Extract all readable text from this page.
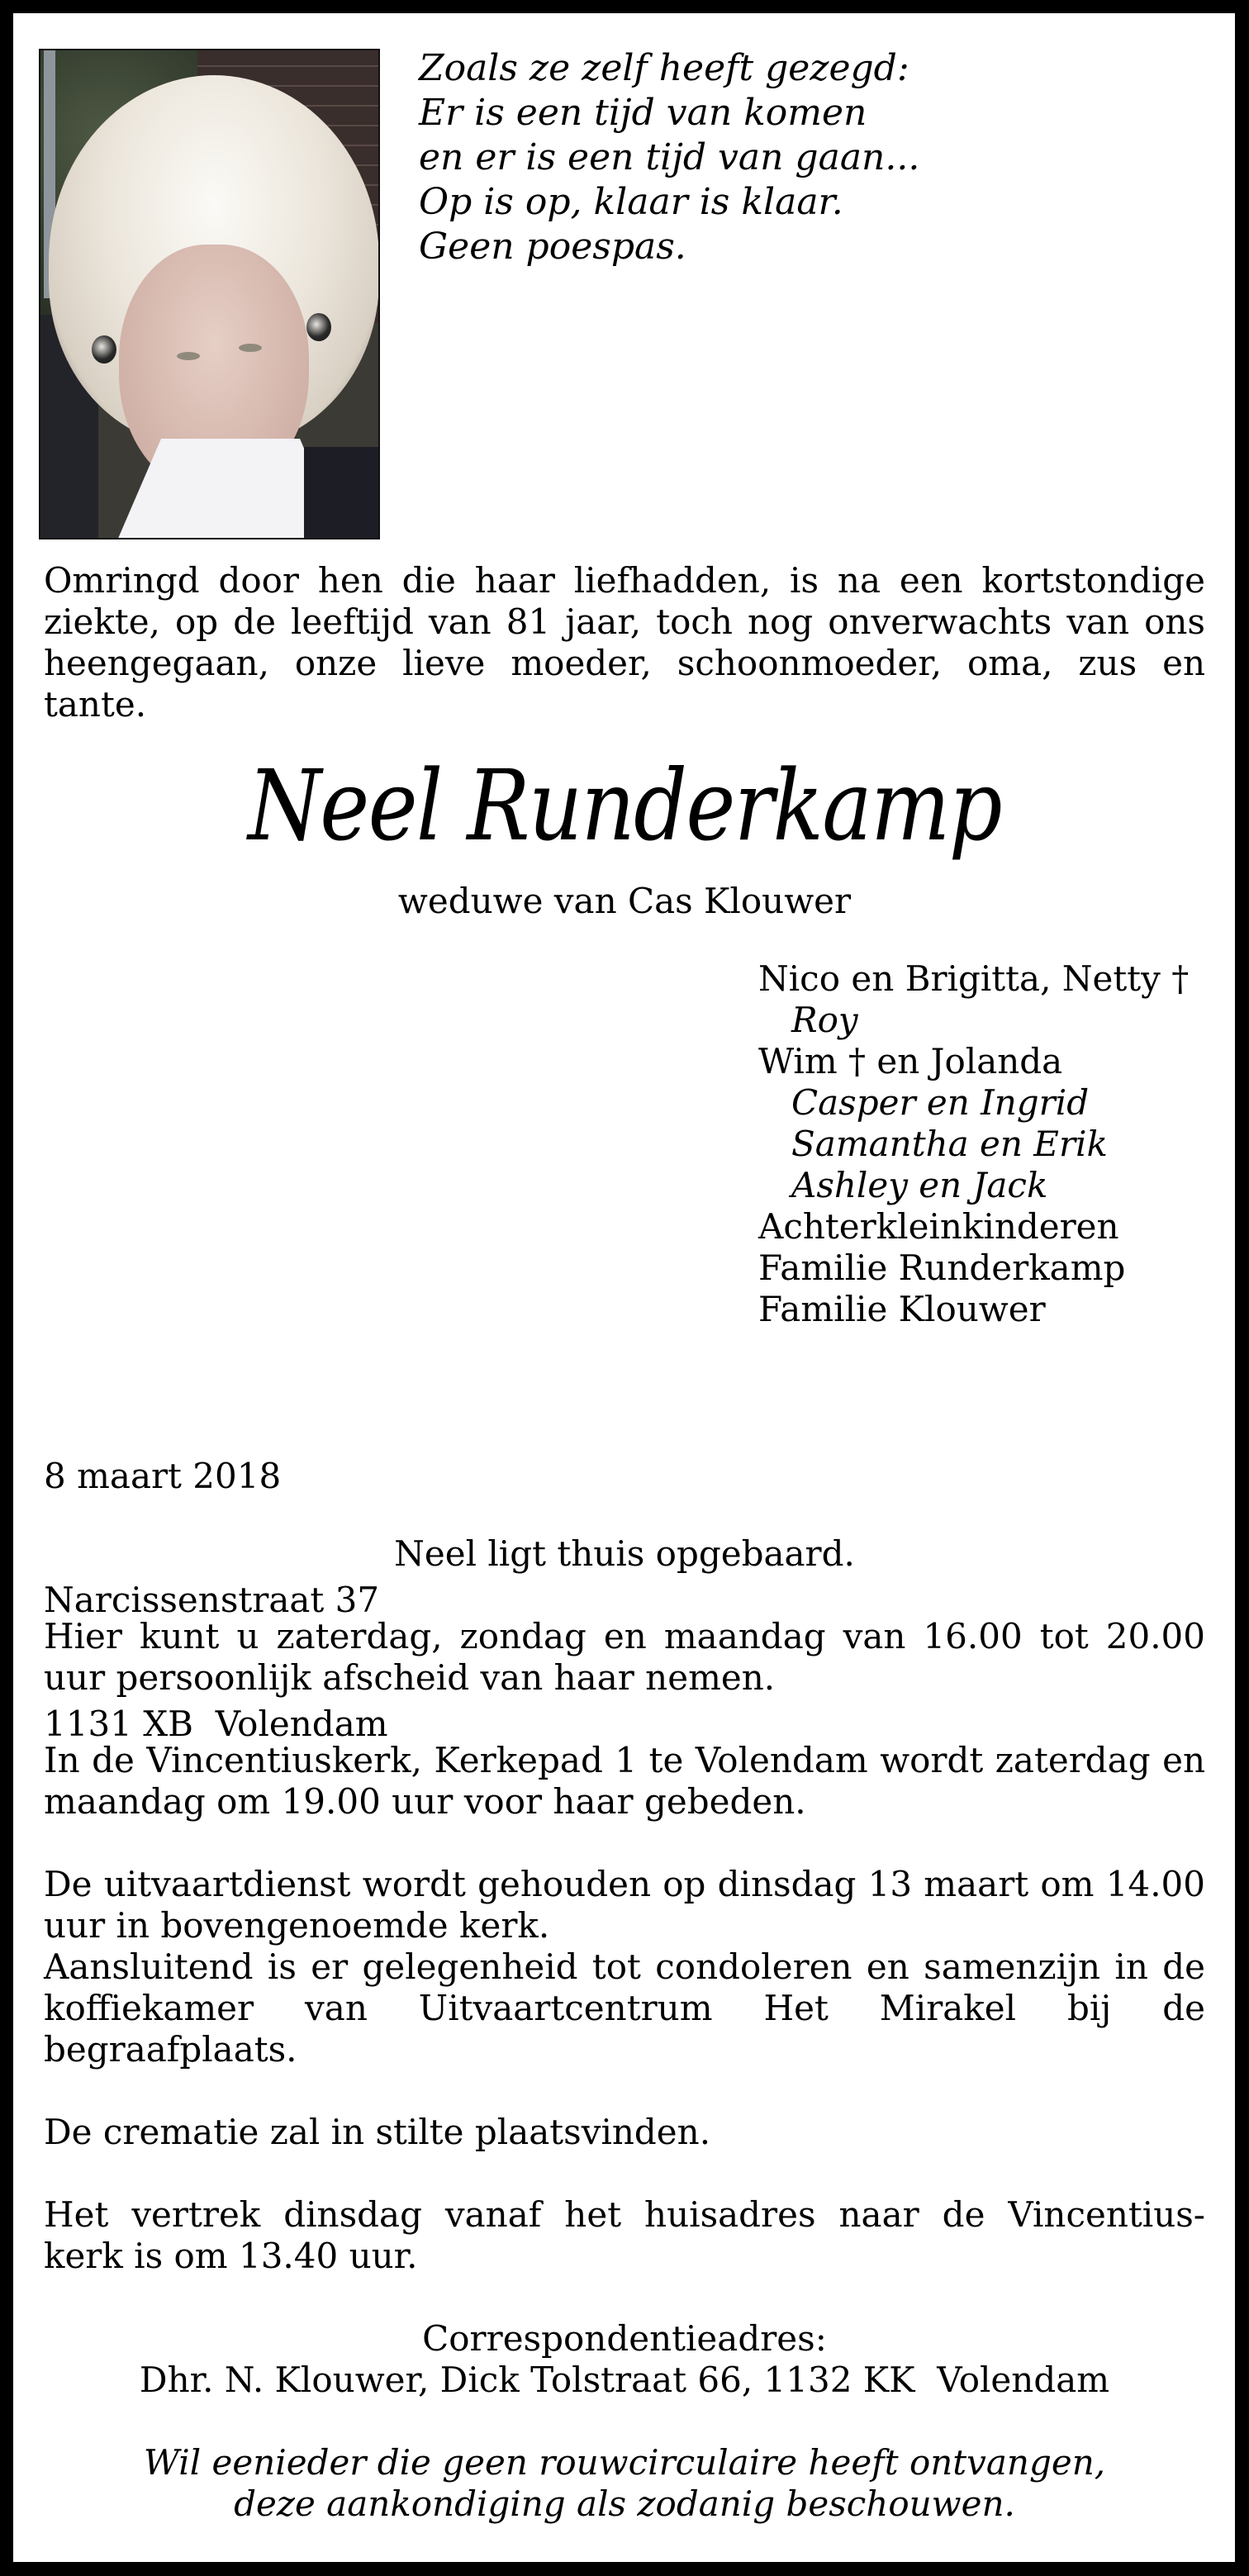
Zoals ze zelf heeft gezegd:
Er is een tijd van komen
en er is een tijd van gaan...
Op is op, klaar is klaar.
Geen poespas.
Omringd door hen die haar liefhadden, is na een kortstondige ziekte, op de leeftijd van 81 jaar, toch nog onverwachts van ons heengegaan, onze lieve moeder, schoonmoeder, oma, zus en tante.
Neel Runderkamp
weduwe van Cas Klouwer
Nico en Brigitta, Netty †
Roy
Wim † en Jolanda
Casper en Ingrid
Samantha en Erik
Ashley en Jack
Achterkleinkinderen
Familie Runderkamp
Familie Klouwer

8 maart 2018

Narcissenstraat 37

1131 XB  Volendam

Neel ligt thuis opgebaard.
Hier kunt u zaterdag, zondag en maandag van 16.00 tot 20.00 uur persoonlijk afscheid van haar nemen.
In de Vincentiuskerk, Kerkepad 1 te Volendam wordt zaterdag en maandag om 19.00 uur voor haar gebeden.
De uitvaartdienst wordt gehouden op dinsdag 13 maart om 14.00 uur in bovengenoemde kerk.
Aansluitend is er gelegenheid tot condoleren en samenzijn in de koffiekamer van Uitvaartcentrum Het Mirakel bij de begraafplaats.
De crematie zal in stilte plaatsvinden.
Het vertrek dinsdag vanaf het huisadres naar de Vincentius-
kerk is om 13.40 uur.
Correspondentieadres:
Dhr. N. Klouwer, Dick Tolstraat 66, 1132 KK  Volendam
Wil eenieder die geen rouwcirculaire heeft ontvangen,
deze aankondiging als zodanig beschouwen.
